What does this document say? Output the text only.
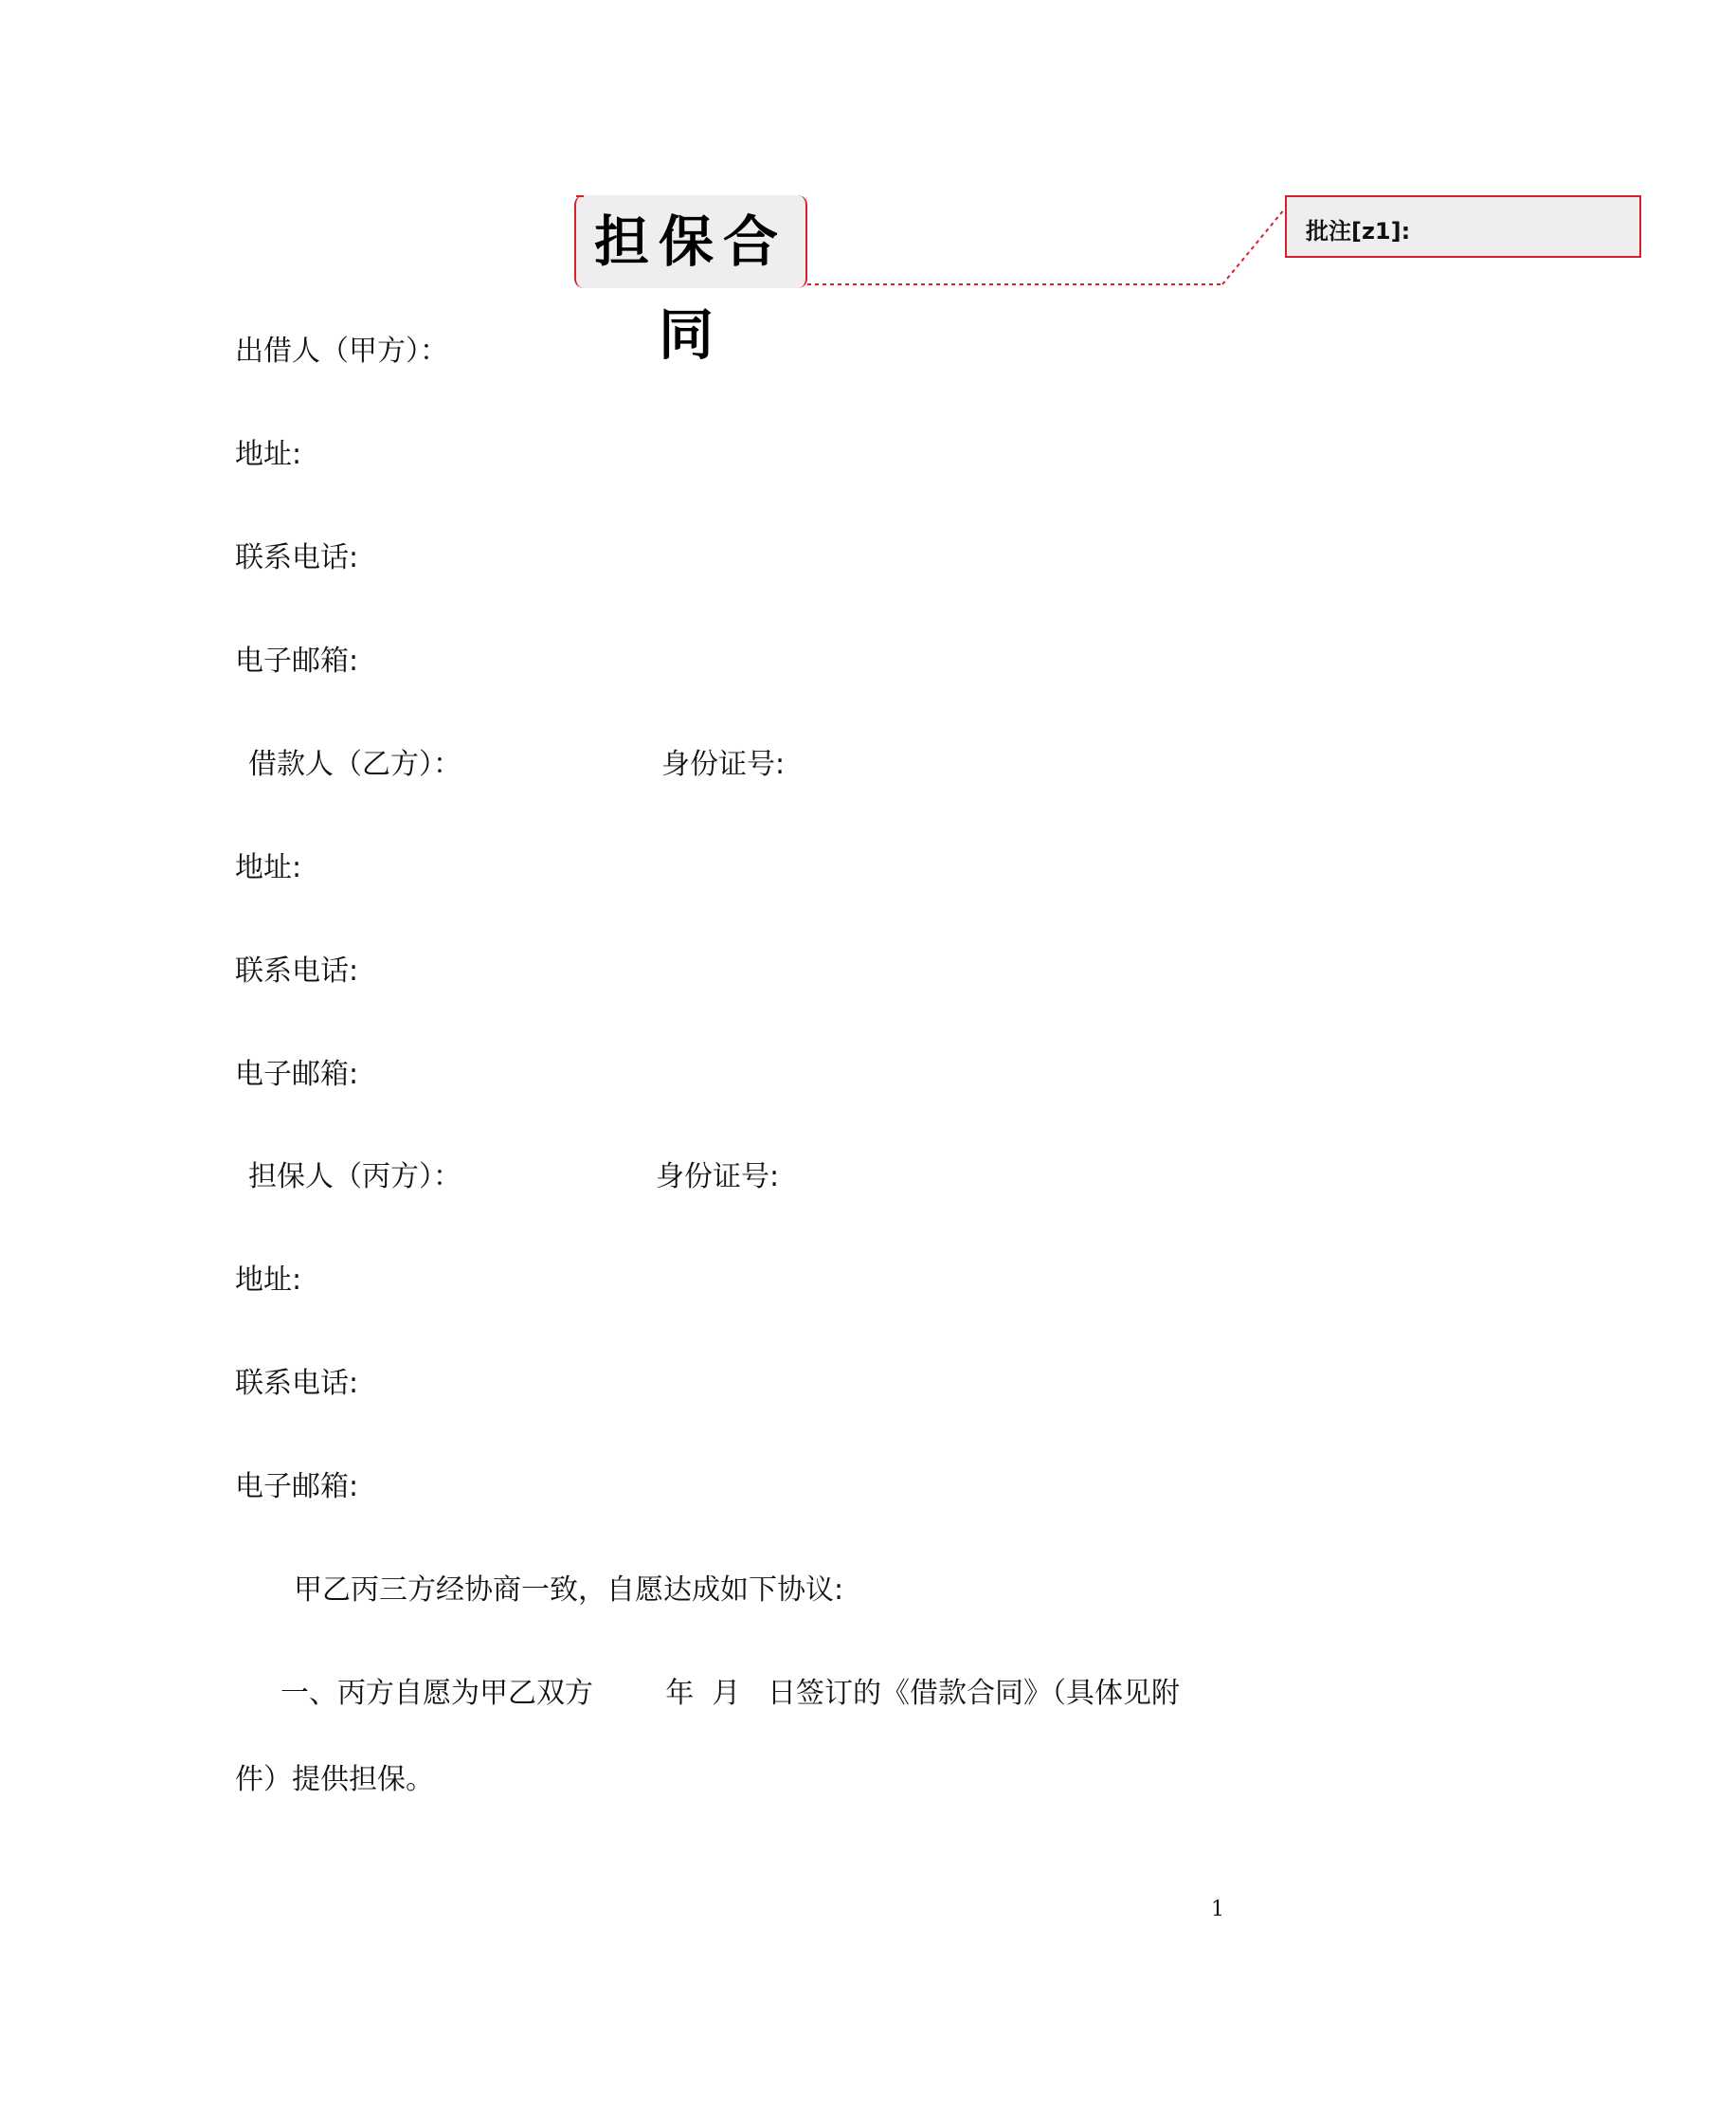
担保合同
批注[z1]:
出借人（甲方）：
地址:
联系电话:
电子邮箱:
借款人（乙方）：	身份证号:
地址:
联系电话:
电子邮箱:
担保人（丙方）：	身份证号:
地址:
联系电话:
电子邮箱:
甲乙丙三方经协商一致，自愿达成如下协议:
一、丙方自愿为甲乙双方        年  月   日签订的《借款合同》（具体见附
件）提供担保。
1
